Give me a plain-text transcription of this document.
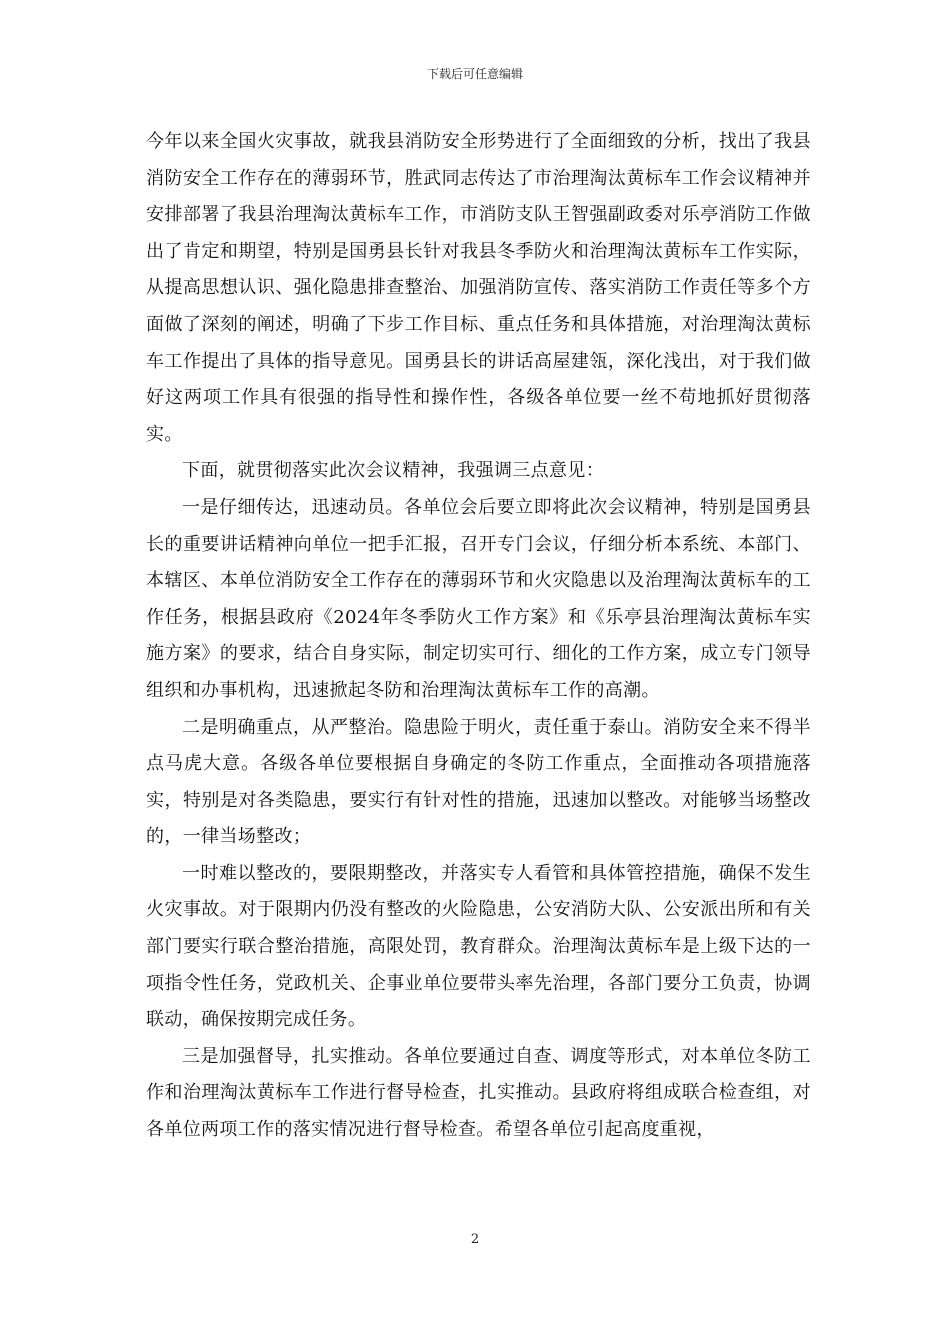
下载后可任意编辑

今年以来全国火灾事故，就我县消防安全形势进行了全面细致的分析，找出了我县消防安全工作存在的薄弱环节，胜武同志传达了市治理淘汰黄标车工作会议精神并安排部署了我县治理淘汰黄标车工作，市消防支队王智强副政委对乐亭消防工作做出了肯定和期望，特别是国勇县长针对我县冬季防火和治理淘汰黄标车工作实际，从提高思想认识、强化隐患排查整治、加强消防宣传、落实消防工作责任等多个方面做了深刻的阐述，明确了下步工作目标、重点任务和具体措施，对治理淘汰黄标车工作提出了具体的指导意见。国勇县长的讲话高屋建瓴，深化浅出，对于我们做好这两项工作具有很强的指导性和操作性，各级各单位要一丝不苟地抓好贯彻落实。

下面，就贯彻落实此次会议精神，我强调三点意见：

一是仔细传达，迅速动员。各单位会后要立即将此次会议精神，特别是国勇县长的重要讲话精神向单位一把手汇报，召开专门会议，仔细分析本系统、本部门、本辖区、本单位消防安全工作存在的薄弱环节和火灾隐患以及治理淘汰黄标车的工作任务，根据县政府《2024年冬季防火工作方案》和《乐亭县治理淘汰黄标车实施方案》的要求，结合自身实际，制定切实可行、细化的工作方案，成立专门领导组织和办事机构，迅速掀起冬防和治理淘汰黄标车工作的高潮。

二是明确重点，从严整治。隐患险于明火，责任重于泰山。消防安全来不得半点马虎大意。各级各单位要根据自身确定的冬防工作重点，全面推动各项措施落实，特别是对各类隐患，要实行有针对性的措施，迅速加以整改。对能够当场整改的，一律当场整改；

一时难以整改的，要限期整改，并落实专人看管和具体管控措施，确保不发生火灾事故。对于限期内仍没有整改的火险隐患，公安消防大队、公安派出所和有关部门要实行联合整治措施，高限处罚，教育群众。治理淘汰黄标车是上级下达的一项指令性任务，党政机关、企事业单位要带头率先治理，各部门要分工负责，协调联动，确保按期完成任务。

三是加强督导，扎实推动。各单位要通过自查、调度等形式，对本单位冬防工作和治理淘汰黄标车工作进行督导检查，扎实推动。县政府将组成联合检查组，对各单位两项工作的落实情况进行督导检查。希望各单位引起高度重视，

2
